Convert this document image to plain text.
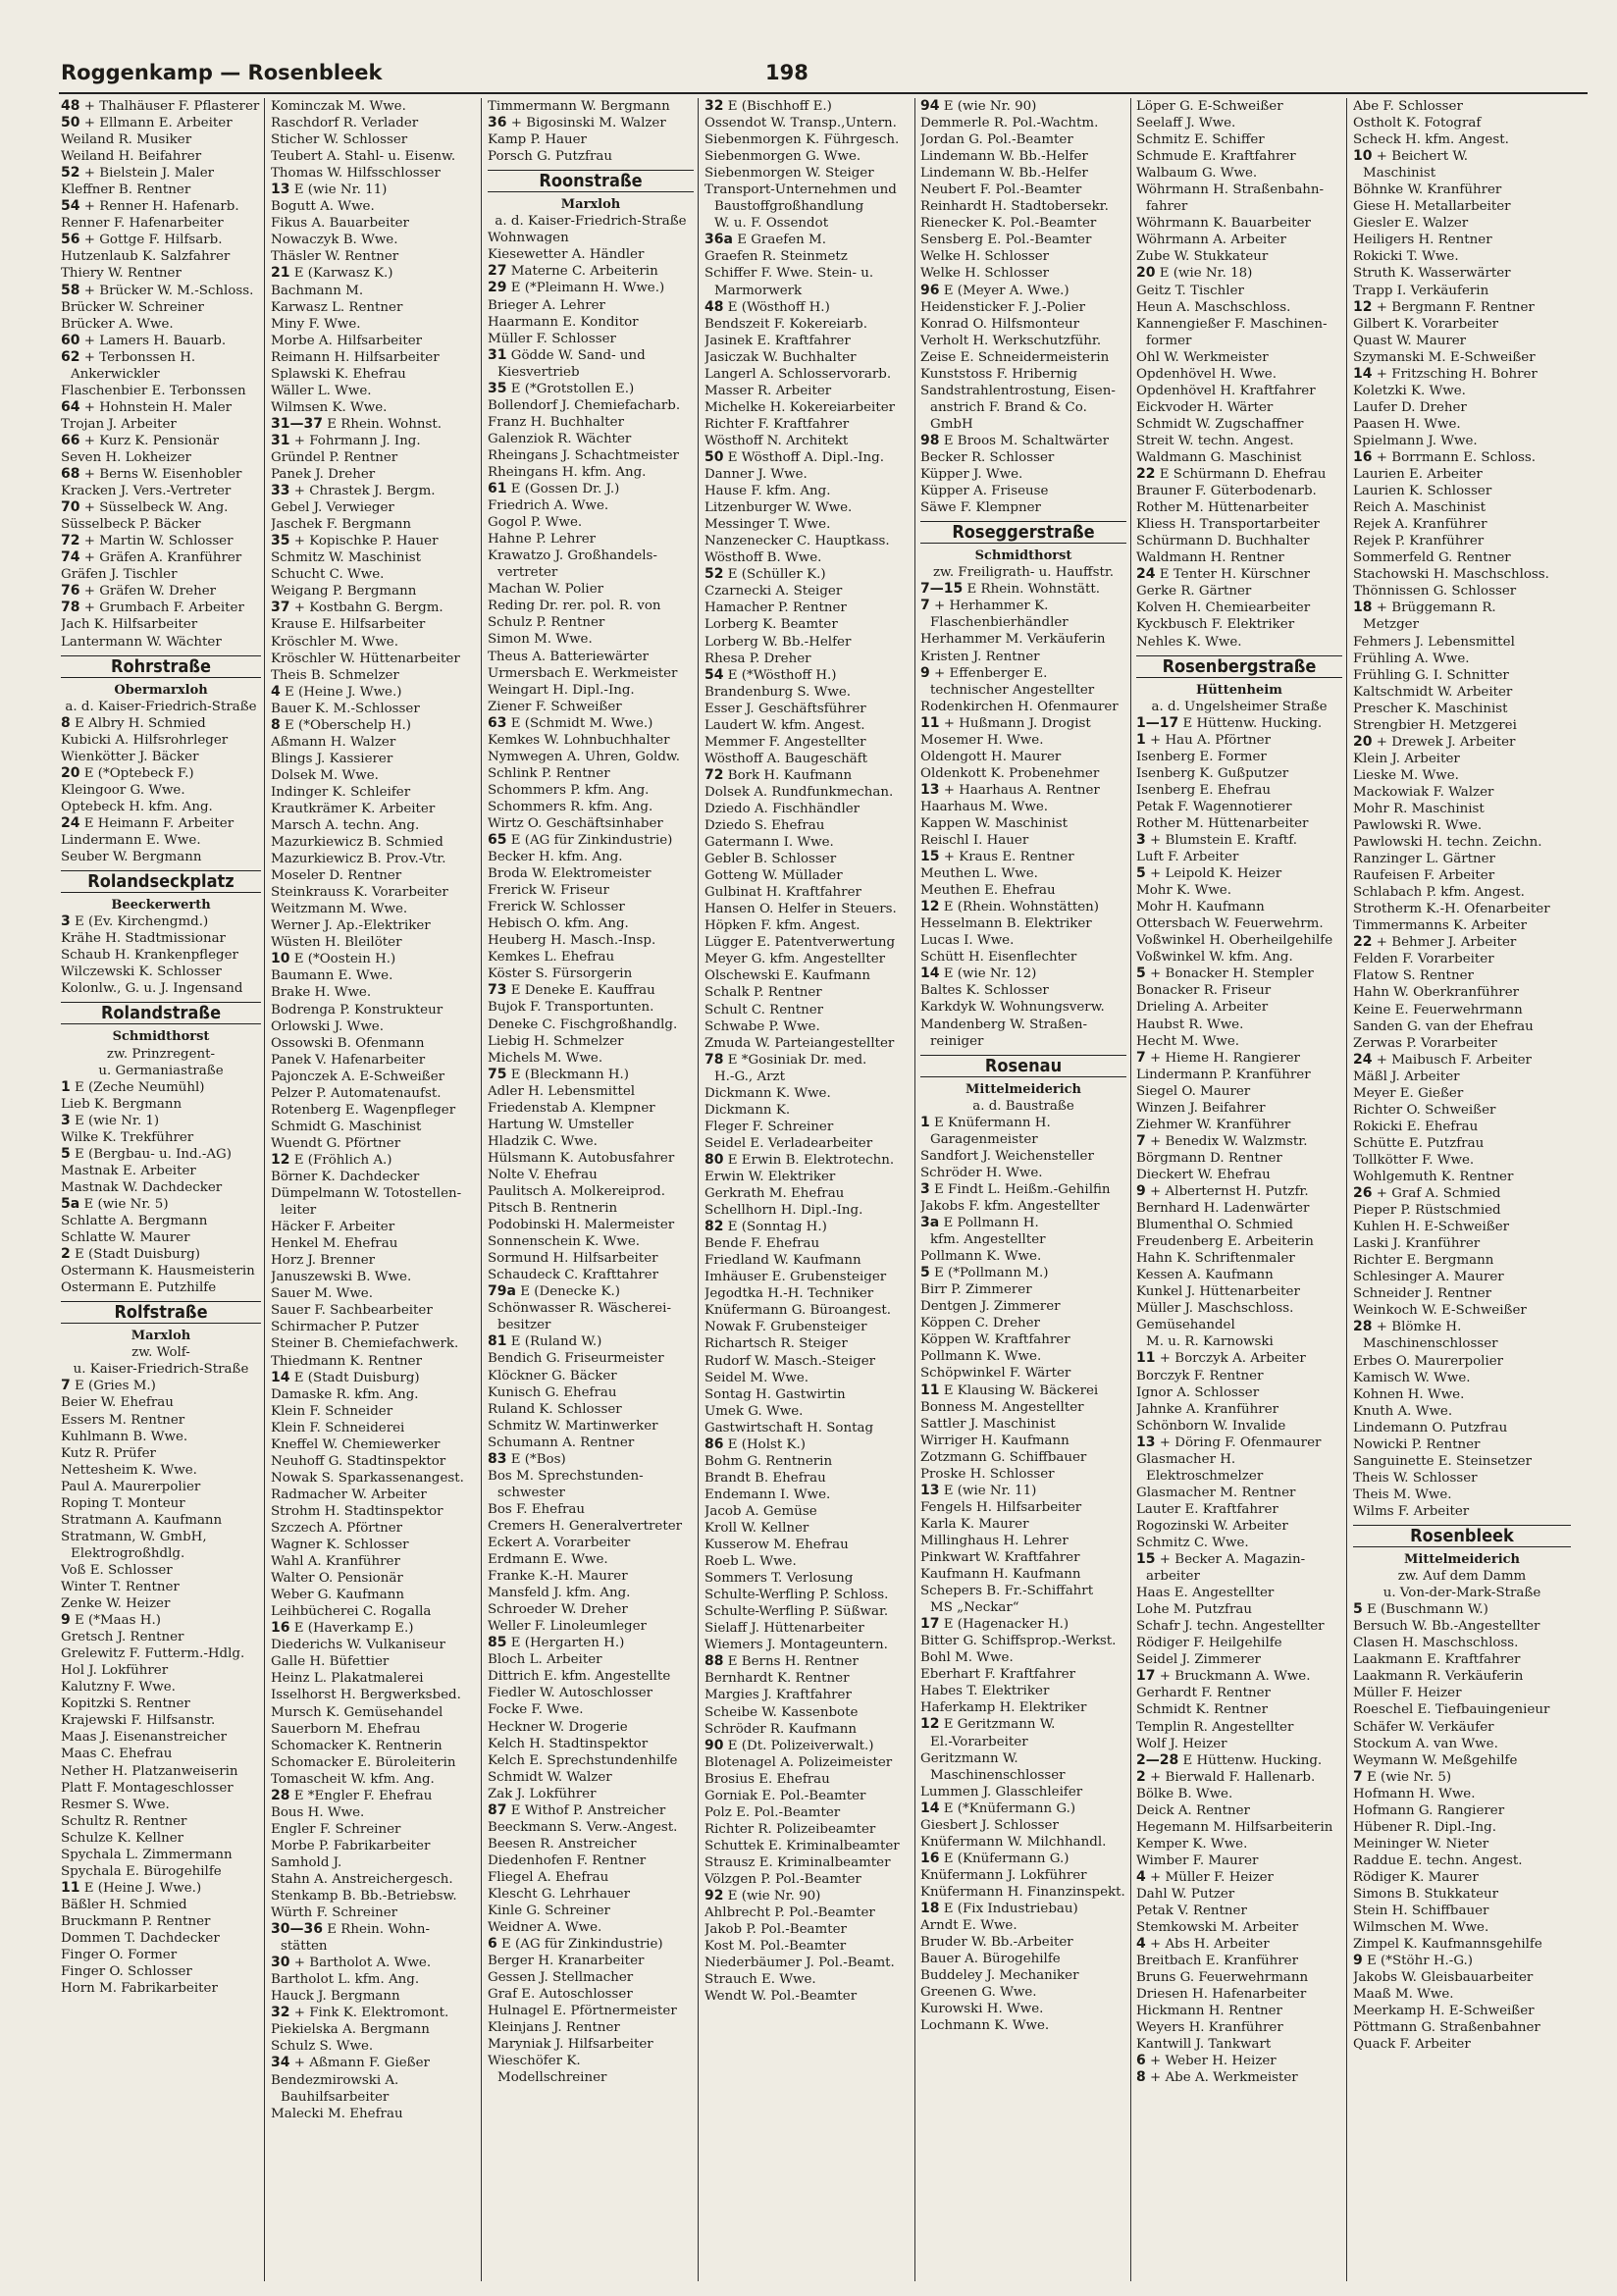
Roggenkamp — Rosenbleek	198
48 + Thalhäuser F. Pflasterer
50 + Ellmann E. Arbeiter
Weiland R. Musiker
Weiland H. Beifahrer
52 + Bielstein J. Maler
Kleffner B. Rentner
54 + Renner H. Hafenarb.
Renner F. Hafenarbeiter
56 + Gottge F. Hilfsarb.
Hutzenlaub K. Salzfahrer
Thiery W. Rentner
58 + Brücker W. M.-Schloss.
Brücker W. Schreiner
Brücker A. Wwe.
60 + Lamers H. Bauarb.
62 + Terbonssen H.
Ankerwickler
Flaschenbier E. Terbonssen
64 + Hohnstein H. Maler
Trojan J. Arbeiter
66 + Kurz K. Pensionär
Seven H. Lokheizer
68 + Berns W. Eisenhobler
Kracken J. Vers.-Vertreter
70 + Süsselbeck W. Ang.
Süsselbeck P. Bäcker
72 + Martin W. Schlosser
74 + Gräfen A. Kranführer
Gräfen J. Tischler
76 + Gräfen W. Dreher
78 + Grumbach F. Arbeiter
Jach K. Hilfsarbeiter
Lantermann W. Wächter
Rohrstraße
Obermarxloh
a. d. Kaiser-Friedrich-Straße
8 E Albry H. Schmied
Kubicki A. Hilfsrohrleger
Wienkötter J. Bäcker
20 E (*Optebeck F.)
Kleingoor G. Wwe.
Optebeck H. kfm. Ang.
24 E Heimann F. Arbeiter
Lindermann E. Wwe.
Seuber W. Bergmann
Rolandseckplatz
Beeckerwerth
3 E (Ev. Kirchengmd.)
Krähe H. Stadtmissionar
Schaub H. Krankenpfleger
Wilczewski K. Schlosser
Kolonlw., G. u. J. Ingensand
Rolandstraße
Schmidthorst
zw. Prinzregent-
u. Germaniastraße
1 E (Zeche Neumühl)
Lieb K. Bergmann
3 E (wie Nr. 1)
Wilke K. Trekführer
5 E (Bergbau- u. Ind.-AG)
Mastnak E. Arbeiter
Mastnak W. Dachdecker
5a E (wie Nr. 5)
Schlatte A. Bergmann
Schlatte W. Maurer
2 E (Stadt Duisburg)
Ostermann K. Hausmeisterin
Ostermann E. Putzhilfe
Rolfstraße
Marxloh
zw. Wolf-
u. Kaiser-Friedrich-Straße
7 E (Gries M.)
Beier W. Ehefrau
Essers M. Rentner
Kuhlmann B. Wwe.
Kutz R. Prüfer
Nettesheim K. Wwe.
Paul A. Maurerpolier
Roping T. Monteur
Stratmann A. Kaufmann
Stratmann, W. GmbH,
Elektrogroßhdlg.
Voß E. Schlosser
Winter T. Rentner
Zenke W. Heizer
9 E (*Maas H.)
Gretsch J. Rentner
Grelewitz F. Futterm.-Hdlg.
Hol J. Lokführer
Kalutzny F. Wwe.
Kopitzki S. Rentner
Krajewski F. Hilfsanstr.
Maas J. Eisenanstreicher
Maas C. Ehefrau
Nether H. Platzanweiserin
Platt F. Montageschlosser
Resmer S. Wwe.
Schultz R. Rentner
Schulze K. Kellner
Spychala L. Zimmermann
Spychala E. Bürogehilfe
11 E (Heine J. Wwe.)
Bäßler H. Schmied
Bruckmann P. Rentner
Dommen T. Dachdecker
Finger O. Former
Finger O. Schlosser
Horn M. Fabrikarbeiter
Kominczak M. Wwe.
Raschdorf R. Verlader
Sticher W. Schlosser
Teubert A. Stahl- u. Eisenw.
Thomas W. Hilfsschlosser
13 E (wie Nr. 11)
Bogutt A. Wwe.
Fikus A. Bauarbeiter
Nowaczyk B. Wwe.
Thäsler W. Rentner
21 E (Karwasz K.)
Bachmann M.
Karwasz L. Rentner
Miny F. Wwe.
Morbe A. Hilfsarbeiter
Reimann H. Hilfsarbeiter
Splawski K. Ehefrau
Wäller L. Wwe.
Wilmsen K. Wwe.
31—37 E Rhein. Wohnst.
31 + Fohrmann J. Ing.
Gründel P. Rentner
Panek J. Dreher
33 + Chrastek J. Bergm.
Gebel J. Verwieger
Jaschek F. Bergmann
35 + Kopischke P. Hauer
Schmitz W. Maschinist
Schucht C. Wwe.
Weigang P. Bergmann
37 + Kostbahn G. Bergm.
Krause E. Hilfsarbeiter
Kröschler M. Wwe.
Kröschler W. Hüttenarbeiter
Theis B. Schmelzer
4 E (Heine J. Wwe.)
Bauer K. M.-Schlosser
8 E (*Oberschelp H.)
Aßmann H. Walzer
Blings J. Kassierer
Dolsek M. Wwe.
Indinger K. Schleifer
Krautkrämer K. Arbeiter
Marsch A. techn. Ang.
Mazurkiewicz B. Schmied
Mazurkiewicz B. Prov.-Vtr.
Moseler D. Rentner
Steinkrauss K. Vorarbeiter
Weitzmann M. Wwe.
Werner J. Ap.-Elektriker
Wüsten H. Bleilöter
10 E (*Oostein H.)
Baumann E. Wwe.
Brake H. Wwe.
Bodrenga P. Konstrukteur
Orlowski J. Wwe.
Ossowski B. Ofenmann
Panek V. Hafenarbeiter
Pajonczek A. E-Schweißer
Pelzer P. Automatenaufst.
Rotenberg E. Wagenpfleger
Schmidt G. Maschinist
Wuendt G. Pförtner
12 E (Fröhlich A.)
Börner K. Dachdecker
Dümpelmann W. Totostellen-
leiter
Häcker F. Arbeiter
Henkel M. Ehefrau
Horz J. Brenner
Januszewski B. Wwe.
Sauer M. Wwe.
Sauer F. Sachbearbeiter
Schirmacher P. Putzer
Steiner B. Chemiefachwerk.
Thiedmann K. Rentner
14 E (Stadt Duisburg)
Damaske R. kfm. Ang.
Klein F. Schneider
Klein F. Schneiderei
Kneffel W. Chemiewerker
Neuhoff G. Stadtinspektor
Nowak S. Sparkassenangest.
Radmacher W. Arbeiter
Strohm H. Stadtinspektor
Szczech A. Pförtner
Wagner K. Schlosser
Wahl A. Kranführer
Walter O. Pensionär
Weber G. Kaufmann
Leihbücherei C. Rogalla
16 E (Haverkamp E.)
Diederichs W. Vulkaniseur
Galle H. Büfettier
Heinz L. Plakatmalerei
Isselhorst H. Bergwerksbed.
Mursch K. Gemüsehandel
Sauerborn M. Ehefrau
Schomacker K. Rentnerin
Schomacker E. Büroleiterin
Tomascheit W. kfm. Ang.
28 E *Engler F. Ehefrau
Bous H. Wwe.
Engler F. Schreiner
Morbe P. Fabrikarbeiter
Samhold J.
Stahn A. Anstreichergesch.
Stenkamp B. Bb.-Betriebsw.
Würth F. Schreiner
30—36 E Rhein. Wohn-
stätten
30 + Bartholot A. Wwe.
Bartholot L. kfm. Ang.
Hauck J. Bergmann
32 + Fink K. Elektromont.
Piekielska A. Bergmann
Schulz S. Wwe.
34 + Aßmann F. Gießer
Bendezmirowski A.
Bauhilfsarbeiter
Malecki M. Ehefrau
Timmermann W. Bergmann
36 + Bigosinski M. Walzer
Kamp P. Hauer
Porsch G. Putzfrau
Roonstraße
Marxloh
a. d. Kaiser-Friedrich-Straße
Wohnwagen
Kiesewetter A. Händler
27 Materne C. Arbeiterin
29 E (*Pleimann H. Wwe.)
Brieger A. Lehrer
Haarmann E. Konditor
Müller F. Schlosser
31 Gödde W. Sand- und
Kiesvertrieb
35 E (*Grotstollen E.)
Bollendorf J. Chemiefacharb.
Franz H. Buchhalter
Galenziok R. Wächter
Rheingans J. Schachtmeister
Rheingans H. kfm. Ang.
61 E (Gossen Dr. J.)
Friedrich A. Wwe.
Gogol P. Wwe.
Hahne P. Lehrer
Krawatzo J. Großhandels-
vertreter
Machan W. Polier
Reding Dr. rer. pol. R. von
Schulz P. Rentner
Simon M. Wwe.
Theus A. Batteriewärter
Urmersbach E. Werkmeister
Weingart H. Dipl.-Ing.
Ziener F. Schweißer
63 E (Schmidt M. Wwe.)
Kemkes W. Lohnbuchhalter
Nymwegen A. Uhren, Goldw.
Schlink P. Rentner
Schommers P. kfm. Ang.
Schommers R. kfm. Ang.
Wirtz O. Geschäftsinhaber
65 E (AG für Zinkindustrie)
Becker H. kfm. Ang.
Broda W. Elektromeister
Frerick W. Friseur
Frerick W. Schlosser
Hebisch O. kfm. Ang.
Heuberg H. Masch.-Insp.
Kemkes L. Ehefrau
Köster S. Fürsorgerin
73 E Deneke E. Kauffrau
Bujok F. Transportunten.
Deneke C. Fischgroßhandlg.
Liebig H. Schmelzer
Michels M. Wwe.
75 E (Bleckmann H.)
Adler H. Lebensmittel
Friedenstab A. Klempner
Hartung W. Umsteller
Hladzik C. Wwe.
Hülsmann K. Autobusfahrer
Nolte V. Ehefrau
Paulitsch A. Molkereiprod.
Pitsch B. Rentnerin
Podobinski H. Malermeister
Sonnenschein K. Wwe.
Sormund H. Hilfsarbeiter
Schaudeck C. Krafttahrer
79a E (Denecke K.)
Schönwasser R. Wäscherei-
besitzer
81 E (Ruland W.)
Bendich G. Friseurmeister
Klöckner G. Bäcker
Kunisch G. Ehefrau
Ruland K. Schlosser
Schmitz W. Martinwerker
Schumann A. Rentner
83 E (*Bos)
Bos M. Sprechstunden-
schwester
Bos F. Ehefrau
Cremers H. Generalvertreter
Eckert A. Vorarbeiter
Erdmann E. Wwe.
Franke K.-H. Maurer
Mansfeld J. kfm. Ang.
Schroeder W. Dreher
Weller F. Linoleumleger
85 E (Hergarten H.)
Bloch L. Arbeiter
Dittrich E. kfm. Angestellte
Fiedler W. Autoschlosser
Focke F. Wwe.
Heckner W. Drogerie
Kelch H. Stadtinspektor
Kelch E. Sprechstundenhilfe
Schmidt W. Walzer
Zak J. Lokführer
87 E Withof P. Anstreicher
Beeckmann S. Verw.-Angest.
Beesen R. Anstreicher
Diedenhofen F. Rentner
Fliegel A. Ehefrau
Klescht G. Lehrhauer
Kinle G. Schreiner
Weidner A. Wwe.
6 E (AG für Zinkindustrie)
Berger H. Kranarbeiter
Gessen J. Stellmacher
Graf E. Autoschlosser
Hulnagel E. Pförtnermeister
Kleinjans J. Rentner
Maryniak J. Hilfsarbeiter
Wieschöfer K.
Modellschreiner
32 E (Bischhoff E.)
Ossendot W. Transp.,Untern.
Siebenmorgen K. Führgesch.
Siebenmorgen G. Wwe.
Siebenmorgen W. Steiger
Transport-Unternehmen und
Baustoffgroßhandlung
W. u. F. Ossendot
36a E Graefen M.
Graefen R. Steinmetz
Schiffer F. Wwe. Stein- u.
Marmorwerk
48 E (Wösthoff H.)
Bendszeit F. Kokereiarb.
Jasinek E. Kraftfahrer
Jasiczak W. Buchhalter
Langerl A. Schlosservorarb.
Masser R. Arbeiter
Michelke H. Kokereiarbeiter
Richter F. Kraftfahrer
Wösthoff N. Architekt
50 E Wösthoff A. Dipl.-Ing.
Danner J. Wwe.
Hause F. kfm. Ang.
Litzenburger W. Wwe.
Messinger T. Wwe.
Nanzenecker C. Hauptkass.
Wösthoff B. Wwe.
52 E (Schüller K.)
Czarnecki A. Steiger
Hamacher P. Rentner
Lorberg K. Beamter
Lorberg W. Bb.-Helfer
Rhesa P. Dreher
54 E (*Wösthoff H.)
Brandenburg S. Wwe.
Esser J. Geschäftsführer
Laudert W. kfm. Angest.
Memmer F. Angestellter
Wösthoff A. Baugeschäft
72 Bork H. Kaufmann
Dolsek A. Rundfunkmechan.
Dziedo A. Fischhändler
Dziedo S. Ehefrau
Gatermann I. Wwe.
Gebler B. Schlosser
Gotteng W. Müllader
Gulbinat H. Kraftfahrer
Hansen O. Helfer in Steuers.
Höpken F. kfm. Angest.
Lügger E. Patentverwertung
Meyer G. kfm. Angestellter
Olschewski E. Kaufmann
Schalk P. Rentner
Schult C. Rentner
Schwabe P. Wwe.
Zmuda W. Parteiangestellter
78 E *Gosiniak Dr. med.
H.-G., Arzt
Dickmann K. Wwe.
Dickmann K.
Fleger F. Schreiner
Seidel E. Verladearbeiter
80 E Erwin B. Elektrotechn.
Erwin W. Elektriker
Gerkrath M. Ehefrau
Schellhorn H. Dipl.-Ing.
82 E (Sonntag H.)
Bende F. Ehefrau
Friedland W. Kaufmann
Imhäuser E. Grubensteiger
Jegodtka H.-H. Techniker
Knüfermann G. Büroangest.
Nowak F. Grubensteiger
Richartsch R. Steiger
Rudorf W. Masch.-Steiger
Seidel M. Wwe.
Sontag H. Gastwirtin
Umek G. Wwe.
Gastwirtschaft H. Sontag
86 E (Holst K.)
Bohm G. Rentnerin
Brandt B. Ehefrau
Endemann I. Wwe.
Jacob A. Gemüse
Kroll W. Kellner
Kusserow M. Ehefrau
Roeb L. Wwe.
Sommers T. Verlosung
Schulte-Werfling P. Schloss.
Schulte-Werfling P. Süßwar.
Sielaff J. Hüttenarbeiter
Wiemers J. Montageuntern.
88 E Berns H. Rentner
Bernhardt K. Rentner
Margies J. Kraftfahrer
Scheibe W. Kassenbote
Schröder R. Kaufmann
90 E (Dt. Polizeiverwalt.)
Blotenagel A. Polizeimeister
Brosius E. Ehefrau
Gorniak E. Pol.-Beamter
Polz E. Pol.-Beamter
Richter R. Polizeibeamter
Schuttek E. Kriminalbeamter
Strausz E. Kriminalbeamter
Völzgen P. Pol.-Beamter
92 E (wie Nr. 90)
Ahlbrecht P. Pol.-Beamter
Jakob P. Pol.-Beamter
Kost M. Pol.-Beamter
Niederbäumer J. Pol.-Beamt.
Strauch E. Wwe.
Wendt W. Pol.-Beamter
94 E (wie Nr. 90)
Demmerle R. Pol.-Wachtm.
Jordan G. Pol.-Beamter
Lindemann W. Bb.-Helfer
Lindemann W. Bb.-Helfer
Neubert F. Pol.-Beamter
Reinhardt H. Stadtobersekr.
Rienecker K. Pol.-Beamter
Sensberg E. Pol.-Beamter
Welke H. Schlosser
Welke H. Schlosser
96 E (Meyer A. Wwe.)
Heidensticker F. J.-Polier
Konrad O. Hilfsmonteur
Verholt H. Werkschutzführ.
Zeise E. Schneidermeisterin
Kunststoss F. Hribernig
Sandstrahlentrostung, Eisen-
anstrich F. Brand & Co.
GmbH
98 E Broos M. Schaltwärter
Becker R. Schlosser
Küpper J. Wwe.
Küpper A. Friseuse
Säwe F. Klempner
Roseggerstraße
Schmidthorst
zw. Freiligrath- u. Hauffstr.
7—15 E Rhein. Wohnstätt.
7 + Herhammer K.
Flaschenbierhändler
Herhammer M. Verkäuferin
Kristen J. Rentner
9 + Effenberger E.
technischer Angestellter
Rodenkirchen H. Ofenmaurer
11 + Hußmann J. Drogist
Mosemer H. Wwe.
Oldengott H. Maurer
Oldenkott K. Probenehmer
13 + Haarhaus A. Rentner
Haarhaus M. Wwe.
Kappen W. Maschinist
Reischl I. Hauer
15 + Kraus E. Rentner
Meuthen L. Wwe.
Meuthen E. Ehefrau
12 E (Rhein. Wohnstätten)
Hesselmann B. Elektriker
Lucas I. Wwe.
Schütt H. Eisenflechter
14 E (wie Nr. 12)
Baltes K. Schlosser
Karkdyk W. Wohnungsverw.
Mandenberg W. Straßen-
reiniger
Rosenau
Mittelmeiderich
a. d. Baustraße
1 E Knüfermann H.
Garagenmeister
Sandfort J. Weichensteller
Schröder H. Wwe.
3 E Findt L. Heißm.-Gehilfin
Jakobs F. kfm. Angestellter
3a E Pollmann H.
kfm. Angestellter
Pollmann K. Wwe.
5 E (*Pollmann M.)
Birr P. Zimmerer
Dentgen J. Zimmerer
Köppen C. Dreher
Köppen W. Kraftfahrer
Pollmann K. Wwe.
Schöpwinkel F. Wärter
11 E Klausing W. Bäckerei
Bonness M. Angestellter
Sattler J. Maschinist
Wirriger H. Kaufmann
Zotzmann G. Schiffbauer
Proske H. Schlosser
13 E (wie Nr. 11)
Fengels H. Hilfsarbeiter
Karla K. Maurer
Millinghaus H. Lehrer
Pinkwart W. Kraftfahrer
Kaufmann H. Kaufmann
Schepers B. Fr.-Schiffahrt
MS „Neckar“
17 E (Hagenacker H.)
Bitter G. Schiffsprop.-Werkst.
Bohl M. Wwe.
Eberhart F. Kraftfahrer
Habes T. Elektriker
Haferkamp H. Elektriker
12 E Geritzmann W.
El.-Vorarbeiter
Geritzmann W.
Maschinenschlosser
Lummen J. Glasschleifer
14 E (*Knüfermann G.)
Giesbert J. Schlosser
Knüfermann W. Milchhandl.
16 E (Knüfermann G.)
Knüfermann J. Lokführer
Knüfermann H. Finanzinspekt.
18 E (Fix Industriebau)
Arndt E. Wwe.
Bruder W. Bb.-Arbeiter
Bauer A. Bürogehilfe
Buddeley J. Mechaniker
Greenen G. Wwe.
Kurowski H. Wwe.
Lochmann K. Wwe.
Löper G. E-Schweißer
Seelaff J. Wwe.
Schmitz E. Schiffer
Schmude E. Kraftfahrer
Walbaum G. Wwe.
Wöhrmann H. Straßenbahn-
fahrer
Wöhrmann K. Bauarbeiter
Wöhrmann A. Arbeiter
Zube W. Stukkateur
20 E (wie Nr. 18)
Geitz T. Tischler
Heun A. Maschschloss.
Kannengießer F. Maschinen-
former
Ohl W. Werkmeister
Opdenhövel H. Wwe.
Opdenhövel H. Kraftfahrer
Eickvoder H. Wärter
Schmidt W. Zugschaffner
Streit W. techn. Angest.
Waldmann G. Maschinist
22 E Schürmann D. Ehefrau
Brauner F. Güterbodenarb.
Rother M. Hüttenarbeiter
Kliess H. Transportarbeiter
Schürmann D. Buchhalter
Waldmann H. Rentner
24 E Tenter H. Kürschner
Gerke R. Gärtner
Kolven H. Chemiearbeiter
Kyckbusch F. Elektriker
Nehles K. Wwe.
Rosenbergstraße
Hüttenheim
a. d. Ungelsheimer Straße
1—17 E Hüttenw. Hucking.
1 + Hau A. Pförtner
Isenberg E. Former
Isenberg K. Gußputzer
Isenberg E. Ehefrau
Petak F. Wagennotierer
Rother M. Hüttenarbeiter
3 + Blumstein E. Kraftf.
Luft F. Arbeiter
5 + Leipold K. Heizer
Mohr K. Wwe.
Mohr H. Kaufmann
Ottersbach W. Feuerwehrm.
Voßwinkel H. Oberheilgehilfe
Voßwinkel W. kfm. Ang.
5 + Bonacker H. Stempler
Bonacker R. Friseur
Drieling A. Arbeiter
Haubst R. Wwe.
Hecht M. Wwe.
7 + Hieme H. Rangierer
Lindermann P. Kranführer
Siegel O. Maurer
Winzen J. Beifahrer
Ziehmer W. Kranführer
7 + Benedix W. Walzmstr.
Börgmann D. Rentner
Dieckert W. Ehefrau
9 + Alberternst H. Putzfr.
Bernhard H. Ladenwärter
Blumenthal O. Schmied
Freudenberg E. Arbeiterin
Hahn K. Schriftenmaler
Kessen A. Kaufmann
Kunkel J. Hüttenarbeiter
Müller J. Maschschloss.
Gemüsehandel
M. u. R. Karnowski
11 + Borczyk A. Arbeiter
Borczyk F. Rentner
Ignor A. Schlosser
Jahnke A. Kranführer
Schönborn W. Invalide
13 + Döring F. Ofenmaurer
Glasmacher H.
Elektroschmelzer
Glasmacher M. Rentner
Lauter E. Kraftfahrer
Rogozinski W. Arbeiter
Schmitz C. Wwe.
15 + Becker A. Magazin-
arbeiter
Haas E. Angestellter
Lohe M. Putzfrau
Schafr J. techn. Angestellter
Rödiger F. Heilgehilfe
Seidel J. Zimmerer
17 + Bruckmann A. Wwe.
Gerhardt F. Rentner
Schmidt K. Rentner
Templin R. Angestellter
Wolf J. Heizer
2—28 E Hüttenw. Hucking.
2 + Bierwald F. Hallenarb.
Bölke B. Wwe.
Deick A. Rentner
Hegemann M. Hilfsarbeiterin
Kemper K. Wwe.
Wimber F. Maurer
4 + Müller F. Heizer
Dahl W. Putzer
Petak V. Rentner
Stemkowski M. Arbeiter
4 + Abs H. Arbeiter
Breitbach E. Kranführer
Bruns G. Feuerwehrmann
Driesen H. Hafenarbeiter
Hickmann H. Rentner
Weyers H. Kranführer
Kantwill J. Tankwart
6 + Weber H. Heizer
8 + Abe A. Werkmeister
Abe F. Schlosser
Ostholt K. Fotograf
Scheck H. kfm. Angest.
10 + Beichert W.
Maschinist
Böhnke W. Kranführer
Giese H. Metallarbeiter
Giesler E. Walzer
Heiligers H. Rentner
Rokicki T. Wwe.
Struth K. Wasserwärter
Trapp I. Verkäuferin
12 + Bergmann F. Rentner
Gilbert K. Vorarbeiter
Quast W. Maurer
Szymanski M. E-Schweißer
14 + Fritzsching H. Bohrer
Koletzki K. Wwe.
Laufer D. Dreher
Paasen H. Wwe.
Spielmann J. Wwe.
16 + Borrmann E. Schloss.
Laurien E. Arbeiter
Laurien K. Schlosser
Reich A. Maschinist
Rejek A. Kranführer
Rejek P. Kranführer
Sommerfeld G. Rentner
Stachowski H. Maschschloss.
Thönnissen G. Schlosser
18 + Brüggemann R.
Metzger
Fehmers J. Lebensmittel
Frühling A. Wwe.
Frühling G. I. Schnitter
Kaltschmidt W. Arbeiter
Prescher K. Maschinist
Strengbier H. Metzgerei
20 + Drewek J. Arbeiter
Klein J. Arbeiter
Lieske M. Wwe.
Mackowiak F. Walzer
Mohr R. Maschinist
Pawlowski R. Wwe.
Pawlowski H. techn. Zeichn.
Ranzinger L. Gärtner
Raufeisen F. Arbeiter
Schlabach P. kfm. Angest.
Strotherm K.-H. Ofenarbeiter
Timmermanns K. Arbeiter
22 + Behmer J. Arbeiter
Felden F. Vorarbeiter
Flatow S. Rentner
Hahn W. Oberkranführer
Keine E. Feuerwehrmann
Sanden G. van der Ehefrau
Zerwas P. Vorarbeiter
24 + Maibusch F. Arbeiter
Mäßl J. Arbeiter
Meyer E. Gießer
Richter O. Schweißer
Rokicki E. Ehefrau
Schütte E. Putzfrau
Tollkötter F. Wwe.
Wohlgemuth K. Rentner
26 + Graf A. Schmied
Pieper P. Rüstschmied
Kuhlen H. E-Schweißer
Laski J. Kranführer
Richter E. Bergmann
Schlesinger A. Maurer
Schneider J. Rentner
Weinkoch W. E-Schweißer
28 + Blömke H.
Maschinenschlosser
Erbes O. Maurerpolier
Kamisch W. Wwe.
Kohnen H. Wwe.
Knuth A. Wwe.
Lindemann O. Putzfrau
Nowicki P. Rentner
Sanguinette E. Steinsetzer
Theis W. Schlosser
Theis M. Wwe.
Wilms F. Arbeiter
Rosenbleek
Mittelmeiderich
zw. Auf dem Damm
u. Von-der-Mark-Straße
5 E (Buschmann W.)
Bersuch W. Bb.-Angestellter
Clasen H. Maschschloss.
Laakmann E. Kraftfahrer
Laakmann R. Verkäuferin
Müller F. Heizer
Roeschel E. Tiefbauingenieur
Schäfer W. Verkäufer
Stockum A. van Wwe.
Weymann W. Meßgehilfe
7 E (wie Nr. 5)
Hofmann H. Wwe.
Hofmann G. Rangierer
Hübener R. Dipl.-Ing.
Meininger W. Nieter
Raddue E. techn. Angest.
Rödiger K. Maurer
Simons B. Stukkateur
Stein H. Schiffbauer
Wilmschen M. Wwe.
Zimpel K. Kaufmannsgehilfe
9 E (*Stöhr H.-G.)
Jakobs W. Gleisbauarbeiter
Maaß M. Wwe.
Meerkamp H. E-Schweißer
Pöttmann G. Straßenbahner
Quack F. Arbeiter
